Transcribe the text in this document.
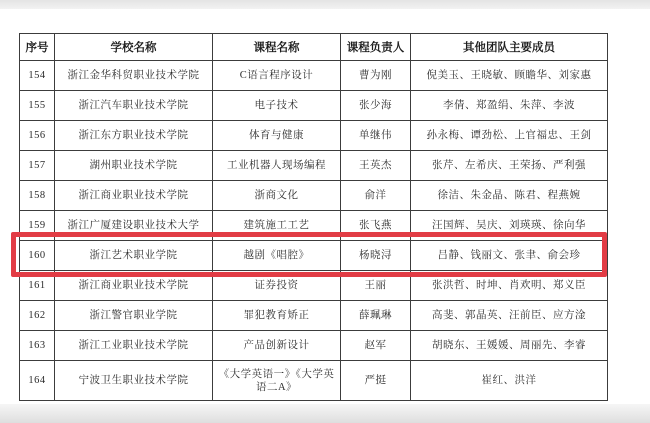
序号	学校名称	课程名称	课程负责人	其他团队主要成员
154	浙江金华科贸职业技术学院	C语言程序设计	曹为刚	倪美玉、王晓敏、顾瞻华、刘家惠
155	浙江汽车职业技术学院	电子技术	张少海	李倩、郑盈绢、朱萍、李波
156	浙江东方职业技术学院	体育与健康	单继伟	孙永梅、谭劲松、上官福忠、王剑
157	湖州职业技术学院	工业机器人现场编程	王英杰	张芹、左希庆、王荣扬、严利强
158	浙江商业职业技术学院	浙商文化	俞洋	徐洁、朱金晶、陈君、程燕婉
159	浙江广厦建设职业技术大学	建筑施工工艺	张飞燕	汪国辉、吴庆、刘瑛瑛、徐向华
160	浙江艺术职业学院	越剧《唱腔》	杨晓浔	吕静、钱丽文、张聿、俞会珍
161	浙江商业职业技术学院	证券投资	王丽	张洪哲、时坤、肖欢明、郑义臣
162	浙江警官职业学院	罪犯教育矫正	薛珮琳	高斐、郭晶英、汪前臣、应方淦
163	浙江工业职业技术学院	产品创新设计	赵军	胡晓东、王媛媛、周丽先、李睿
164	宁波卫生职业技术学院	《大学英语一》《大学英语二A》	严挺	崔红、洪洋
